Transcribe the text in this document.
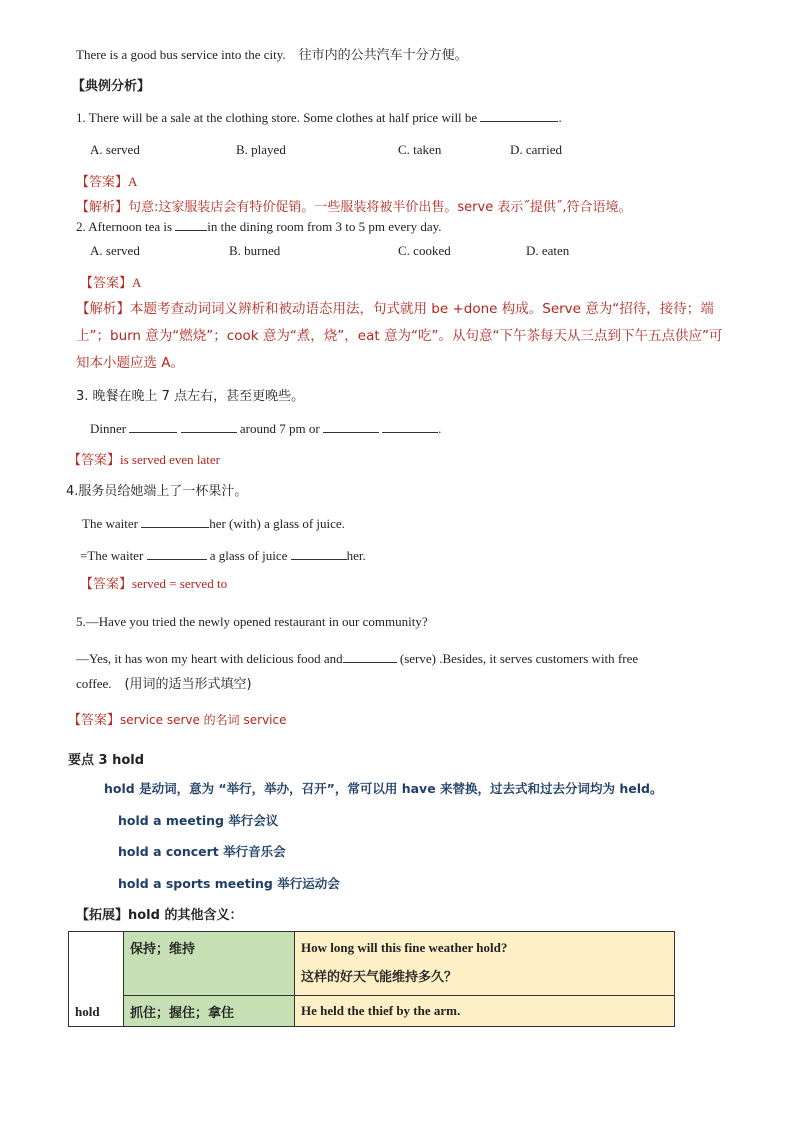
There is a good bus service into the city. 往市内的公共汽车十分方便。
【典例分析】
1. There will be a sale at the clothing store. Some clothes at half price will be	.
A. served	B. played	C. taken	D. carried
【答案】A
【解析】句意:这家服装店会有特价促销。一些服装将被半价出售。serve 表示˝提供˝,符合语境。
2. Afternoon tea is	in the dining room from 3 to 5 pm every day.
A. served	B. burned	C. cooked	D. eaten
【答案】A
【解析】本题考查动词词义辨析和被动语态用法，句式就用 be +done 构成。Serve 意为“招待，接待；端
上”；burn 意为“燃烧”；cook 意为“煮，烧”，eat 意为“吃”。从句意“下午茶每天从三点到下午五点供应”可
知本小题应选 A。
3. 晚餐在晚上 7 点左右，甚至更晚些。
Dinner	around 7 pm or	.
【答案】is served even later
4.服务员给她端上了一杯果汁。
The waiter	her (with) a glass of juice.
=The waiter	a glass of juice	her.
【答案】served = served to
5.—Have you tried the newly opened restaurant in our community?
—Yes, it has won my heart with delicious food and	(serve) .Besides, it serves customers with free
coffee. (用词的适当形式填空)
【答案】service serve 的名词 service
要点 3 hold
hold 是动词，意为 “举行，举办，召开”，常可以用 have 来替换，过去式和过去分词均为 held。
hold a meeting 举行会议
hold a concert 举行音乐会
hold a sports meeting 举行运动会
【拓展】hold 的其他含义：
hold	保持；维持	How long will this fine weather hold?
这样的好天气能维持多久？

	抓住；握住；拿住	He held the thief by the arm.
